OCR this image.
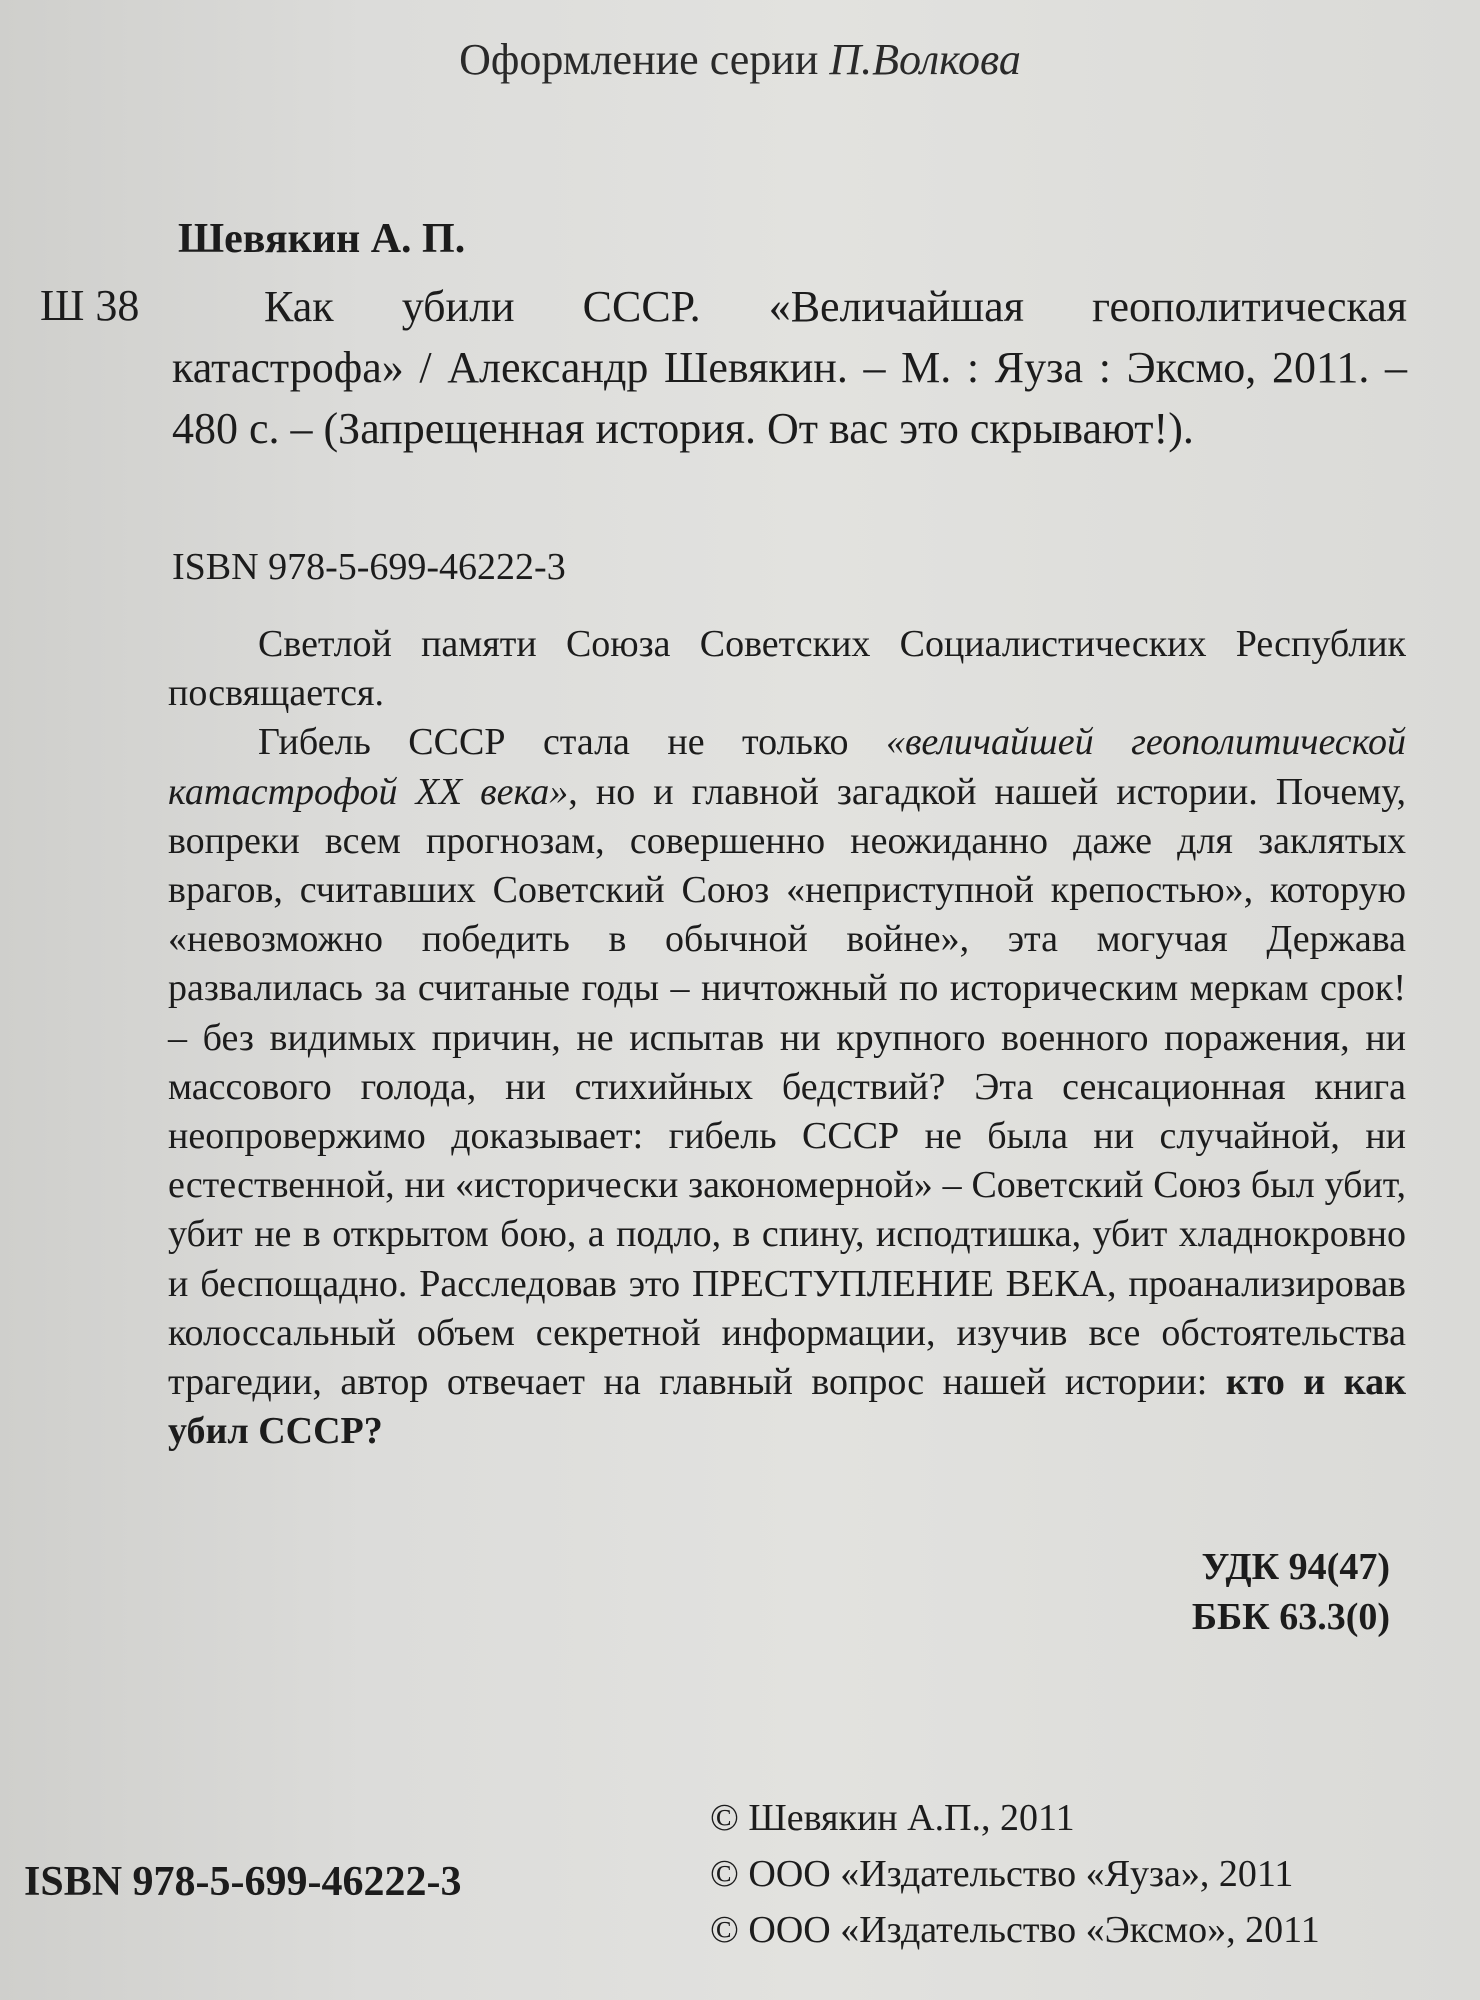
Оформление серии П.Волкова
Шевякин А. П.
Ш 38	Как убили СССР. «Величайшая геополитическая катастрофа» / Александр Шевякин. – М. : Яуза : Эксмо, 2011. – 480 с. – (Запрещенная история. От вас это скрывают!).
ISBN 978-5-699-46222-3

Светлой памяти Союза Советских Социалистических Республик посвящается.

Гибель СССР стала не только «величайшей геополитической катастрофой XX века», но и главной загадкой нашей истории. Почему, вопреки всем прогнозам, совершенно неожиданно даже для заклятых врагов, считавших Советский Союз «неприступной крепостью», которую «невозможно победить в обычной войне», эта могучая Держава развалилась за считаные годы – ничтожный по историческим меркам срок! – без видимых причин, не испытав ни крупного военного поражения, ни массового голода, ни стихийных бедствий? Эта сенсационная книга неопровержимо доказывает: гибель СССР не была ни случайной, ни естественной, ни «исторически закономерной» – Советский Союз был убит, убит не в открытом бою, а подло, в спину, исподтишка, убит хладнокровно и беспощадно. Расследовав это ПРЕСТУПЛЕНИЕ ВЕКА, проанализировав колоссальный объем секретной информации, изучив все обстоятельства трагедии, автор отвечает на главный вопрос нашей истории: кто и как убил СССР?

УДК 94(47)
ББК 63.3(0)
© Шевякин А.П., 2011
© ООО «Издательство «Яуза», 2011
© ООО «Издательство «Эксмо», 2011
ISBN 978-5-699-46222-3
